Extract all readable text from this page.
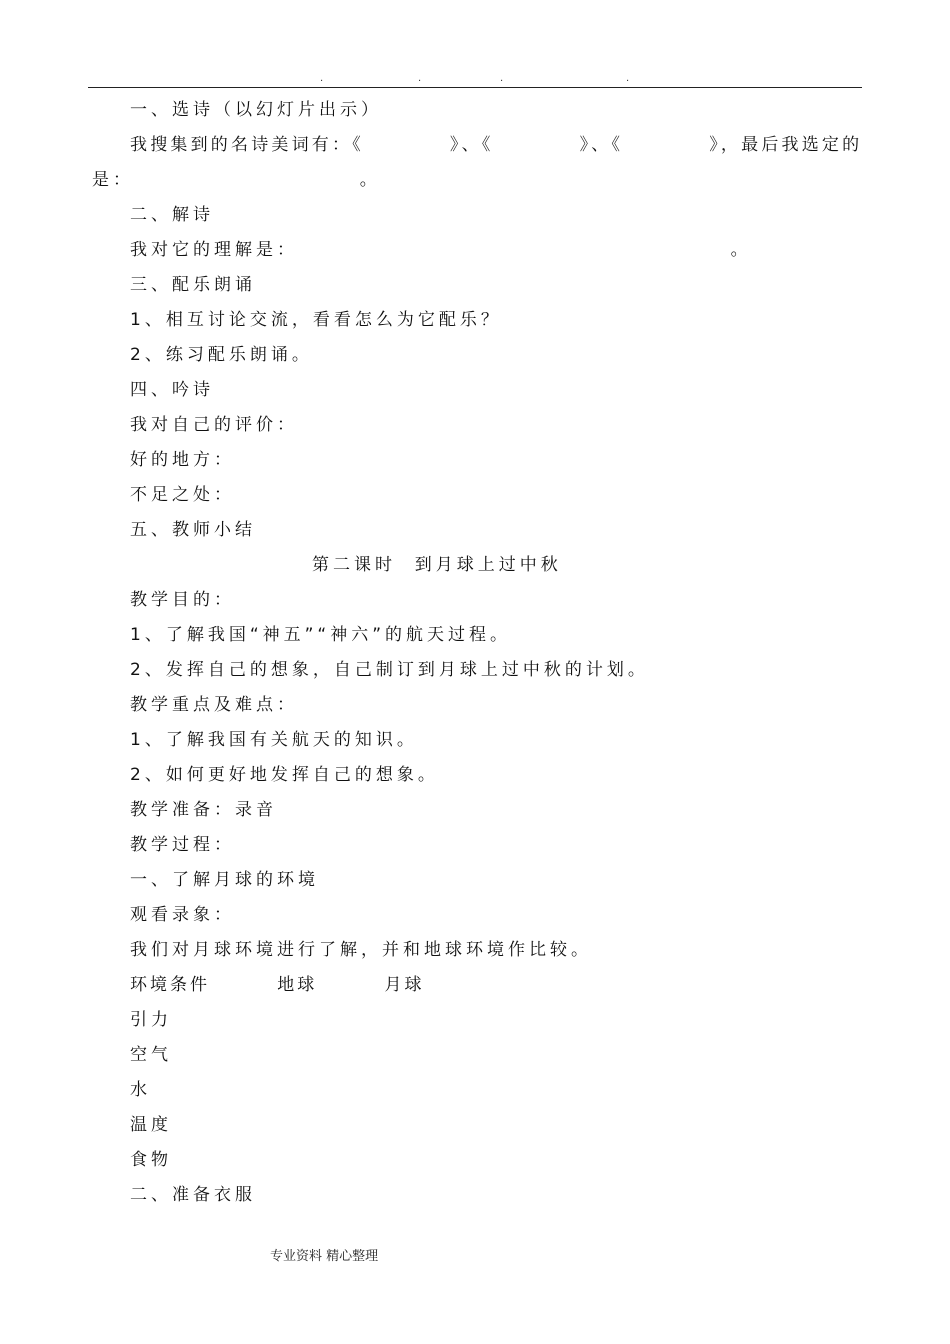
.	.	.	.
一、选诗（以幻灯片出示）
我搜集到的名诗美词有：《          》、《          》、《          》，最后我选定的
是：                        。
二、解诗
我对它的理解是：                                              。
三、配乐朗诵
1、相互讨论交流，看看怎么为它配乐？
2、练习配乐朗诵。
四、吟诗
我对自己的评价：
好的地方：
不足之处：
五、教师小结
第二课时  到月球上过中秋
教学目的：
1、了解我国“神五”“神六”的航天过程。
2、发挥自己的想象，自己制订到月球上过中秋的计划。
教学重点及难点：
1、了解我国有关航天的知识。
2、如何更好地发挥自己的想象。
教学准备：录音
教学过程：
一、了解月球的环境
观看录象：
我们对月球环境进行了解，并和地球环境作比较。
环境条件        地球        月球
引力
空气
水
温度
食物
二、准备衣服
专业资料 精心整理
